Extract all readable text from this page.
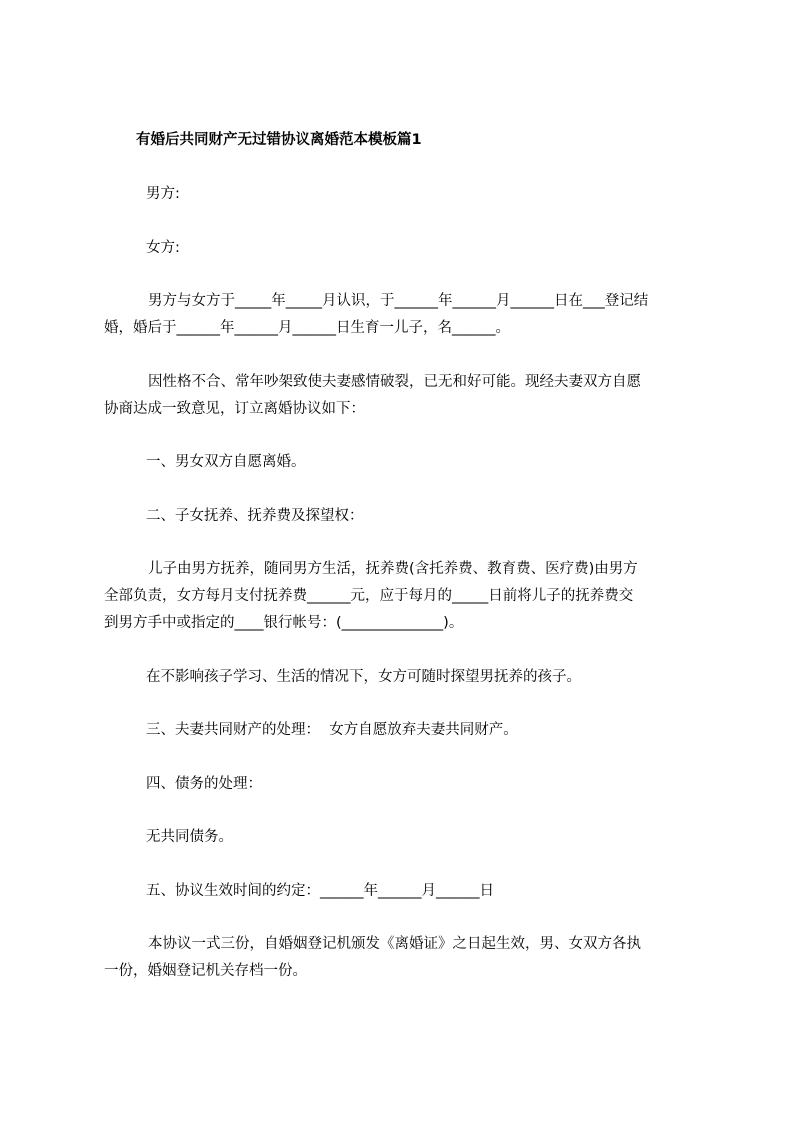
有婚后共同财产无过错协议离婚范本模板篇1
男方:
女方:
男方与女方于_____年_____月认识，于______年______月______日在___登记结
婚，婚后于______年______月______日生育一儿子，名______。
因性格不合、常年吵架致使夫妻感情破裂，已无和好可能。现经夫妻双方自愿
协商达成一致意见，订立离婚协议如下：
一、男女双方自愿离婚。
二、子女抚养、抚养费及探望权：
儿子由男方抚养，随同男方生活，抚养费(含托养费、教育费、医疗费)由男方
全部负责，女方每月支付抚养费______元，应于每月的_____日前将儿子的抚养费交
到男方手中或指定的____银行帐号：(______________)。
在不影响孩子学习、生活的情况下，女方可随时探望男抚养的孩子。
三、夫妻共同财产的处理：  女方自愿放弃夫妻共同财产。
四、债务的处理：
无共同债务。
五、协议生效时间的约定：______年______月______日
本协议一式三份，自婚姻登记机颁发《离婚证》之日起生效，男、女双方各执
一份，婚姻登记机关存档一份。
